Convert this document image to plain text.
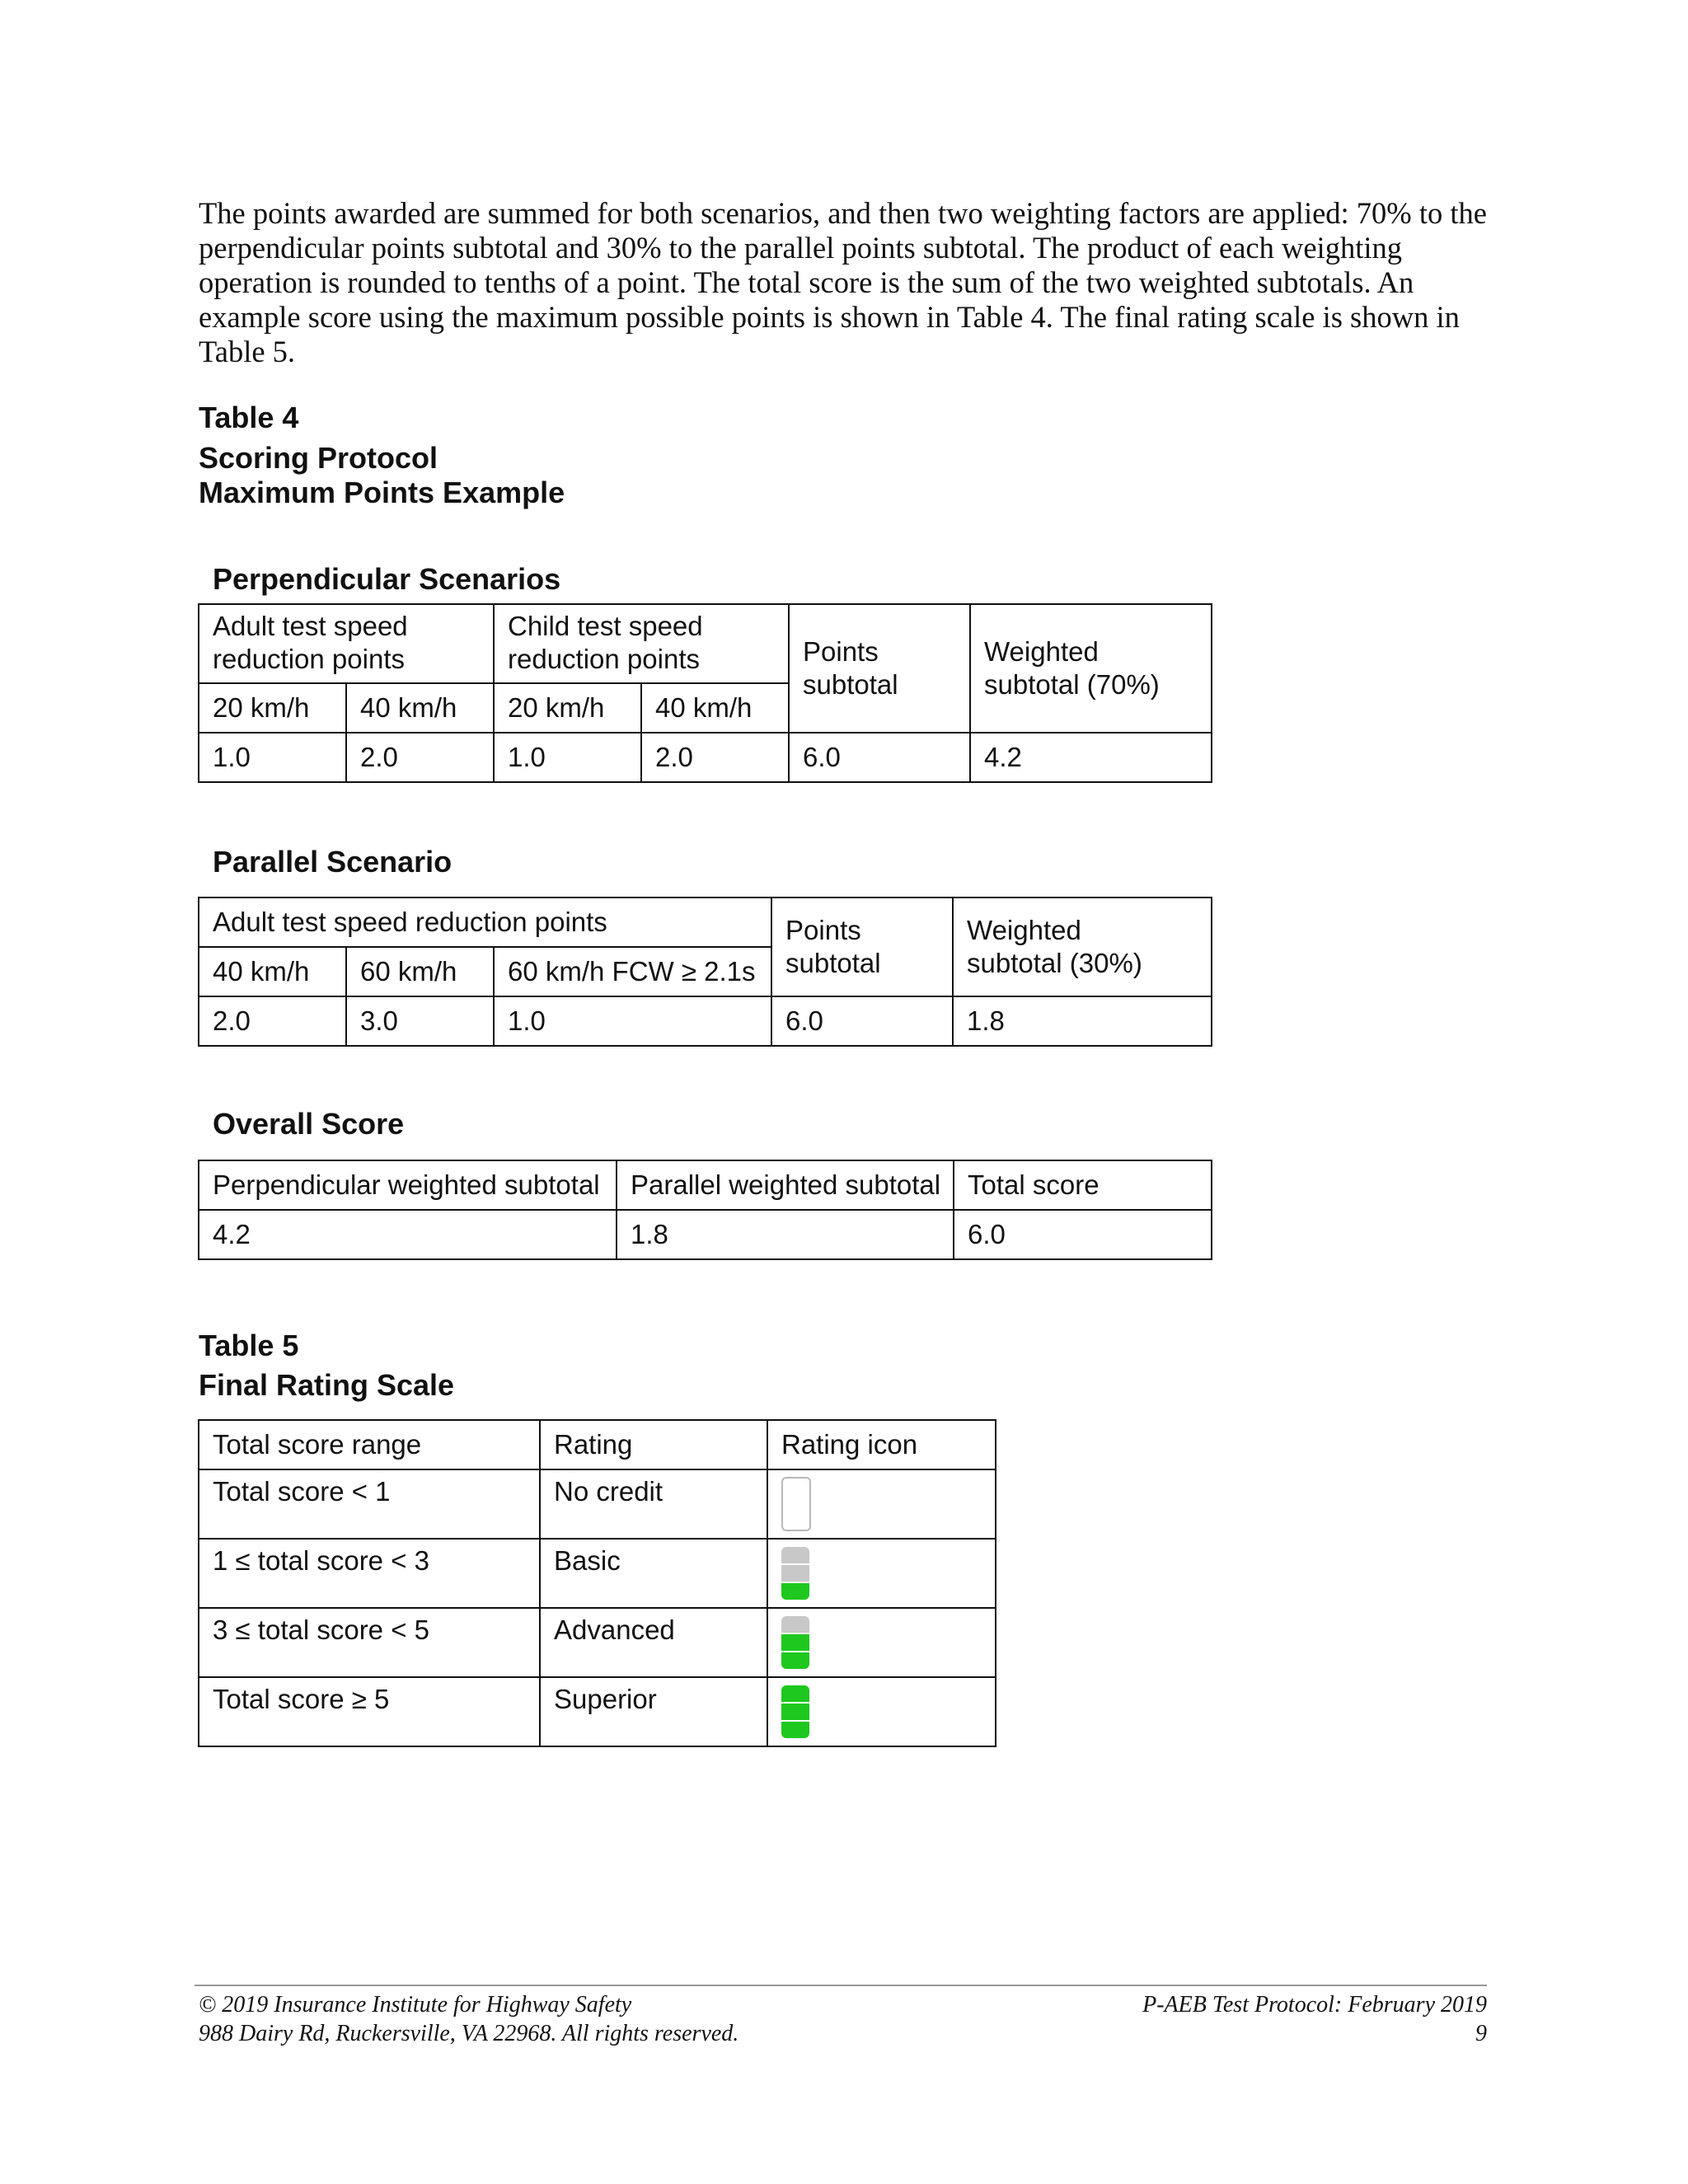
The points awarded are summed for both scenarios, and then two weighting factors are applied: 70% to the perpendicular points subtotal and 30% to the parallel points subtotal. The product of each weighting operation is rounded to tenths of a point. The total score is the sum of the two weighted subtotals. An example score using the maximum possible points is shown in Table 4. The final rating scale is shown in Table 5.

Table 4
Scoring Protocol
Maximum Points Example
Perpendicular Scenarios
Adult test speed reduction points		Child test speed reduction points		Points subtotal	Weighted subtotal (70%)

20 km/h	40 km/h	20 km/h	40 km/h		
1.0	2.0	1.0	2.0	6.0	4.2
Parallel Scenario
Adult test speed reduction points			Points subtotal	Weighted subtotal (30%)

40 km/h	60 km/h	60 km/h FCW ≥ 2.1s		
2.0	3.0	1.0	6.0	1.8
Overall Score
Perpendicular weighted subtotal	Parallel weighted subtotal	Total score
4.2	1.8	6.0
Table 5
Final Rating Scale
Total score range	Rating	Rating icon
Total score < 1	No credit	

1 ≤ total score < 3	Basic	

3 ≤ total score < 5	Advanced	

Total score ≥ 5	Superior	
© 2019 Insurance Institute for Highway Safety
988 Dairy Rd, Ruckersville, VA 22968. All rights reserved.
P-AEB Test Protocol: February 2019
9
